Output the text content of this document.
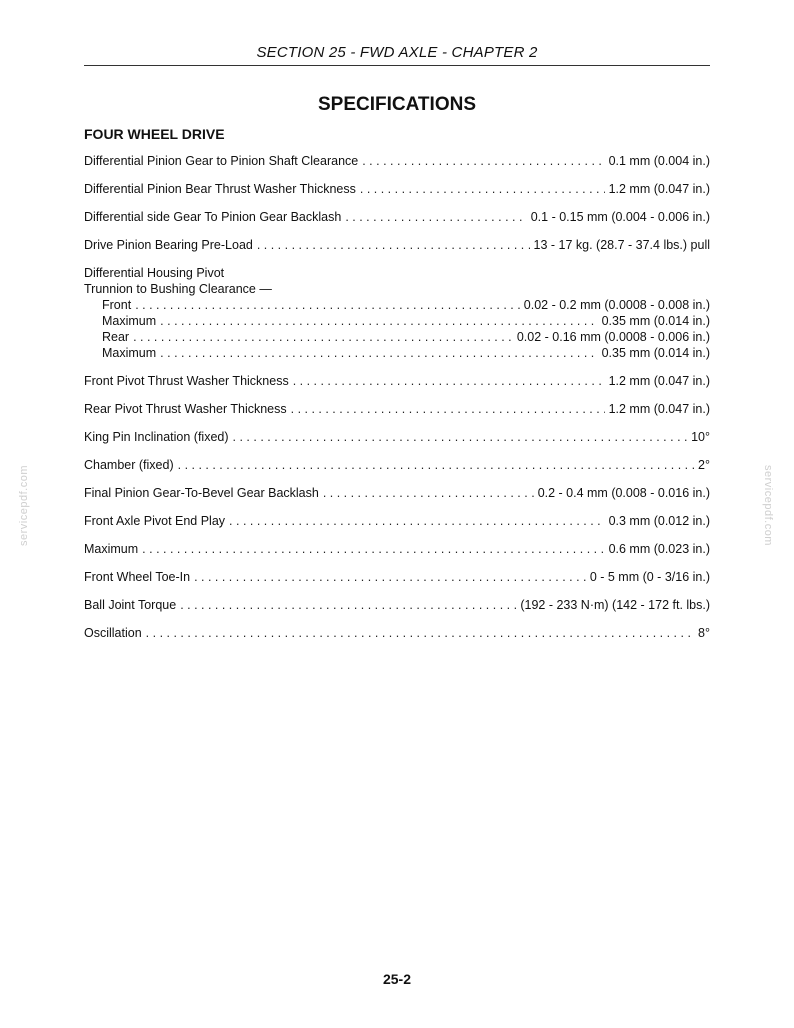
SECTION 25 - FWD AXLE - CHAPTER 2
SPECIFICATIONS
FOUR WHEEL DRIVE
servicepdf.com	servicepdf.com
Differential Pinion Gear to Pinion Shaft Clearance . . .	0.1 mm (0.004 in.)
Differential Pinion Bear Thrust Washer Thickness . . .	1.2 mm (0.047 in.)
Differential side Gear To Pinion Gear Backlash . . .	0.1 - 0.15 mm (0.004 - 0.006 in.)
Drive Pinion Bearing Pre-Load . . .	13 - 17 kg. (28.7 - 37.4 lbs.) pull
Differential Housing Pivot
Trunnion to Bushing Clearance —
Front . . .	0.02 - 0.2 mm (0.0008 - 0.008 in.)
Maximum . . .	0.35 mm (0.014 in.)
Rear . . .	0.02 - 0.16 mm (0.0008 - 0.006 in.)
Maximum . . .	0.35 mm (0.014 in.)
Front Pivot Thrust Washer Thickness . . .	1.2 mm (0.047 in.)
Rear Pivot Thrust Washer Thickness . . .	1.2 mm (0.047 in.)
King Pin Inclination (fixed) . . .	10°
Chamber (fixed) . . .	2°
Final Pinion Gear-To-Bevel Gear Backlash . . .	0.2 - 0.4 mm (0.008 - 0.016 in.)
Front Axle Pivot End Play . . .	0.3 mm (0.012 in.)
Maximum . . .	0.6 mm (0.023 in.)
Front Wheel Toe-In . . .	0 - 5 mm (0 - 3/16 in.)
Ball Joint Torque . . .	(192 - 233 N·m) (142 - 172 ft. lbs.)
Oscillation . . .	8°
25-2
